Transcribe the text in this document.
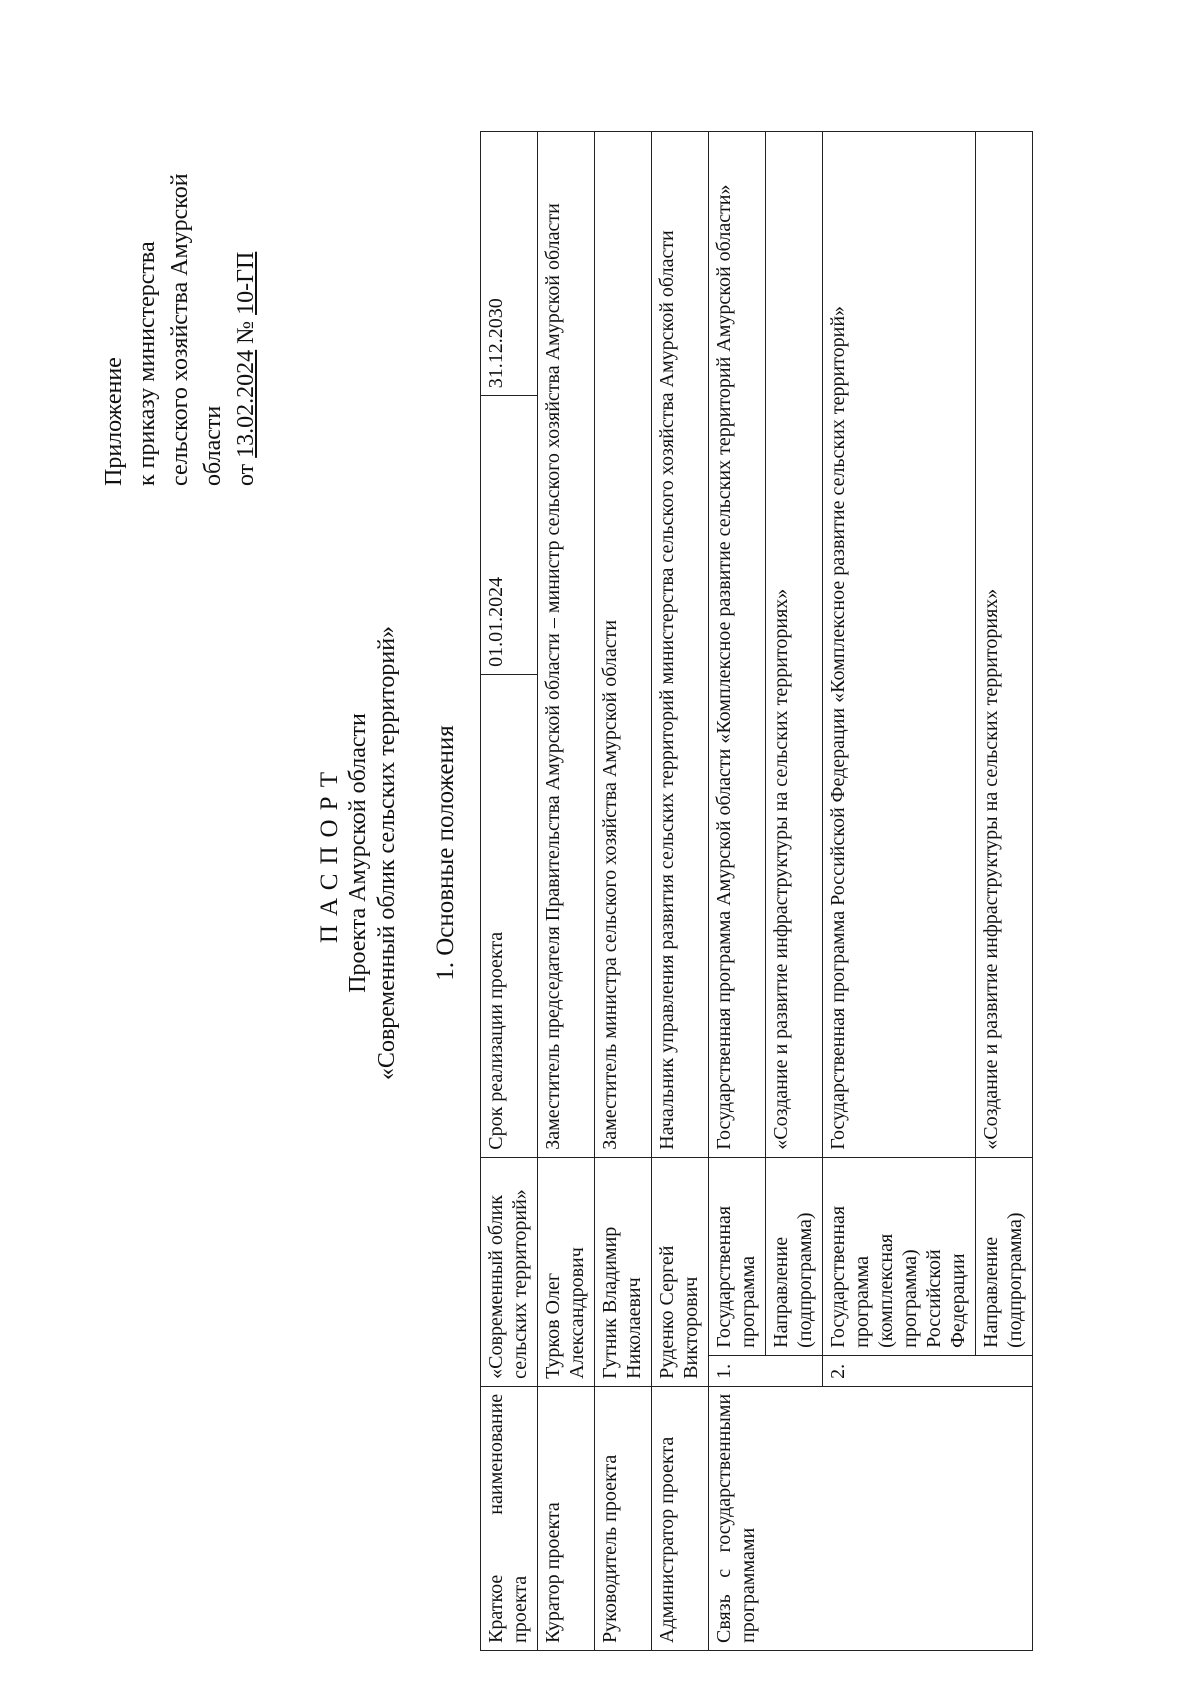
Приложение к приказу министерства сельского хозяйства Амурской области от 13.02.2024 № 10-ГП
ПАСПОРТ Проекта Амурской области «Современный облик сельских территорий» 1. Основные положения
Краткое наименование проекта	«Современный облик сельских территорий»		Срок реализации проекта	01.01.2024	31.12.2030
Куратор проекта	Турков Олег Александрович		Заместитель председателя Правительства Амурской области – министр сельского хозяйства Амурской области		
Руководитель проекта	Гутник Владимир Николаевич		Заместитель министра сельского хозяйства Амурской области		
Администратор проекта	Руденко Сергей Викторович		Начальник управления развития сельских территорий министерства сельского хозяйства Амурской области		
Связь с государственными программами	1.	Государственная программа	Государственная программа Амурской области «Комплексное развитие сельских территорий Амурской области»		
		Направление (подпрограмма)	«Создание и развитие инфраструктуры на сельских территориях»		
	2.	Государственная программа (комплексная программа) Российской Федерации	Государственная программа Российской Федерации «Комплексное развитие сельских территорий»		
		Направление (подпрограмма)	«Создание и развитие инфраструктуры на сельских территориях»		
